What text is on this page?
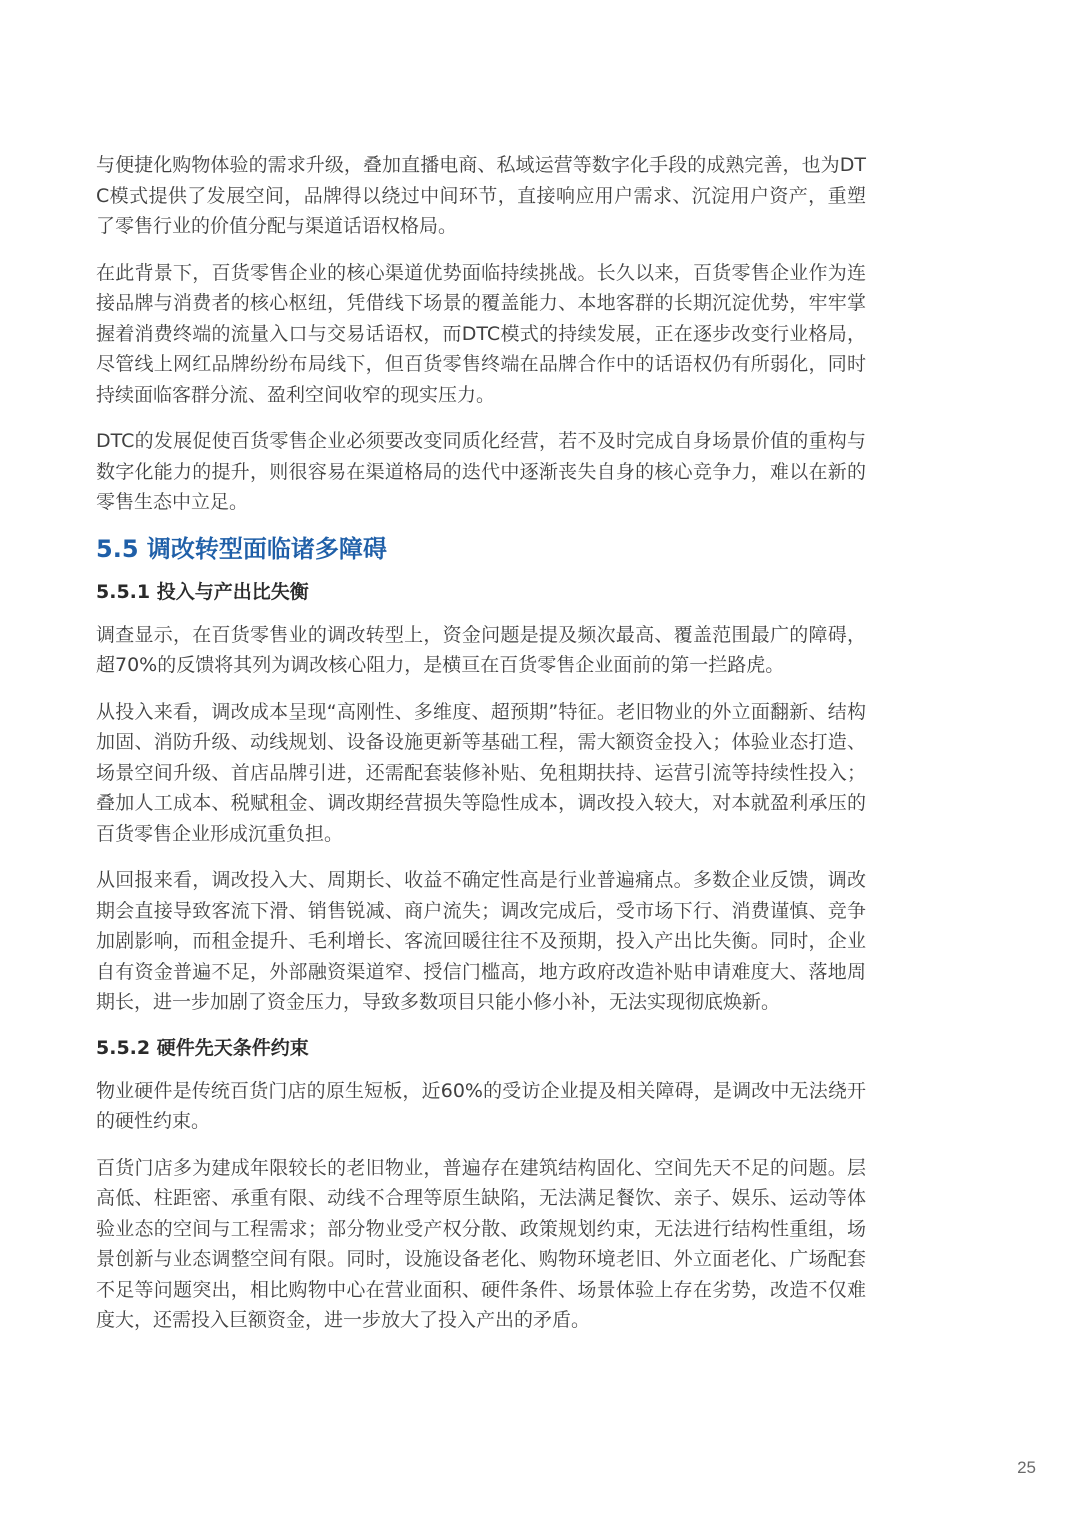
与便捷化购物体验的需求升级，叠加直播电商、私域运营等数字化手段的成熟完善，也为DTC模式提供了发展空间，品牌得以绕过中间环节，直接响应用户需求、沉淀用户资产，重塑了零售行业的价值分配与渠道话语权格局。

在此背景下，百货零售企业的核心渠道优势面临持续挑战。长久以来，百货零售企业作为连接品牌与消费者的核心枢纽，凭借线下场景的覆盖能力、本地客群的长期沉淀优势，牢牢掌握着消费终端的流量入口与交易话语权，而DTC模式的持续发展，正在逐步改变行业格局，尽管线上网红品牌纷纷布局线下，但百货零售终端在品牌合作中的话语权仍有所弱化，同时持续面临客群分流、盈利空间收窄的现实压力。

DTC的发展促使百货零售企业必须要改变同质化经营，若不及时完成自身场景价值的重构与数字化能力的提升，则很容易在渠道格局的迭代中逐渐丧失自身的核心竞争力，难以在新的零售生态中立足。

5.5 调改转型面临诸多障碍
5.5.1 投入与产出比失衡

调查显示，在百货零售业的调改转型上，资金问题是提及频次最高、覆盖范围最广的障碍，超70%的反馈将其列为调改核心阻力，是横亘在百货零售企业面前的第一拦路虎。

从投入来看，调改成本呈现“高刚性、多维度、超预期”特征。老旧物业的外立面翻新、结构加固、消防升级、动线规划、设备设施更新等基础工程，需大额资金投入；体验业态打造、场景空间升级、首店品牌引进，还需配套装修补贴、免租期扶持、运营引流等持续性投入；叠加人工成本、税赋租金、调改期经营损失等隐性成本，调改投入较大，对本就盈利承压的百货零售企业形成沉重负担。

从回报来看，调改投入大、周期长、收益不确定性高是行业普遍痛点。多数企业反馈，调改期会直接导致客流下滑、销售锐减、商户流失；调改完成后，受市场下行、消费谨慎、竞争加剧影响，而租金提升、毛利增长、客流回暖往往不及预期，投入产出比失衡。同时，企业自有资金普遍不足，外部融资渠道窄、授信门槛高，地方政府改造补贴申请难度大、落地周期长，进一步加剧了资金压力，导致多数项目只能小修小补，无法实现彻底焕新。

5.5.2 硬件先天条件约束

物业硬件是传统百货门店的原生短板，近60%的受访企业提及相关障碍，是调改中无法绕开的硬性约束。

百货门店多为建成年限较长的老旧物业，普遍存在建筑结构固化、空间先天不足的问题。层高低、柱距密、承重有限、动线不合理等原生缺陷，无法满足餐饮、亲子、娱乐、运动等体验业态的空间与工程需求；部分物业受产权分散、政策规划约束，无法进行结构性重组，场景创新与业态调整空间有限。同时，设施设备老化、购物环境老旧、外立面老化、广场配套不足等问题突出，相比购物中心在营业面积、硬件条件、场景体验上存在劣势，改造不仅难度大，还需投入巨额资金，进一步放大了投入产出的矛盾。

25
